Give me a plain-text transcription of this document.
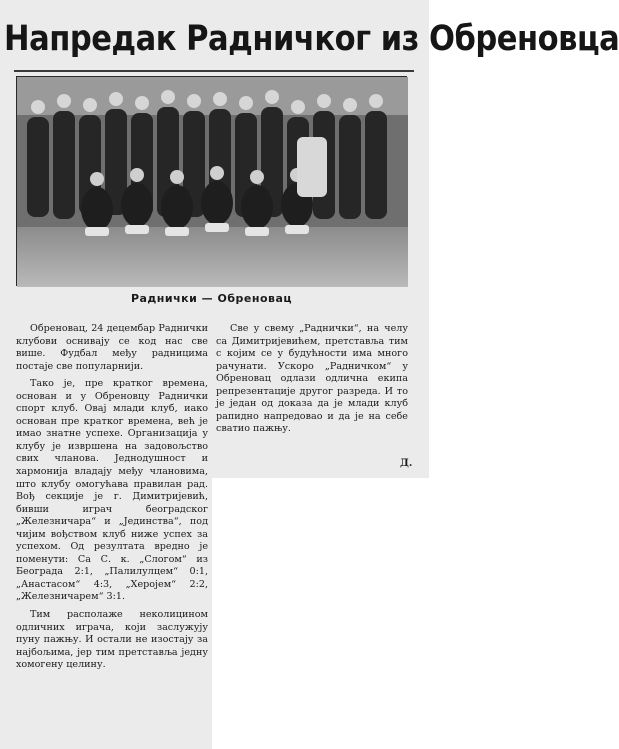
Напредак Радничког из Обреновца
Раднички — Обреновац

Обреновац, 24 децембар Раднички клубови оснивају се код нас све више. Фудбал међу радницима постаје све популарнији.

Тако је, пре кратког времена, основан и у Обреновцу Раднички спорт клуб. Овај млади клуб, иако основан пре кратког времена, већ је имао знатне успехе. Организација у клубу је извршена на задовољство свих чланова. Једнодушност и хармонија владају међу члановима, што клубу омогућава правилан рад. Вођ секције је г. Димитријевић, бивши играч београдског „Железничара“ и „Јединства“, под чијим вођством клуб ниже успех за успехом. Од резултата вредно је поменути: Са С. к. „Слогом“ из Београда 2:1, „Палилулцем“ 0:1, „Анастасом“ 4:3, „Херојем“ 2:2, „Железничарем“ 3:1.

Тим располаже неколицином одличних играча, који заслужују пуну пажњу. И остали не изостају за најбољима, јер тим претставља једну хомогену целину.

Све у свему „Раднички“, на челу са Димитријевићем, претставља тим с којим се у будућности има много рачунати. Ускоро „Радничком“ у Обреновац одлази одлична екипа репрезентације другог разреда. И то је један од доказа да је млади клуб рапидно напредовао и да је на себе сватио пажњу.

Д.
